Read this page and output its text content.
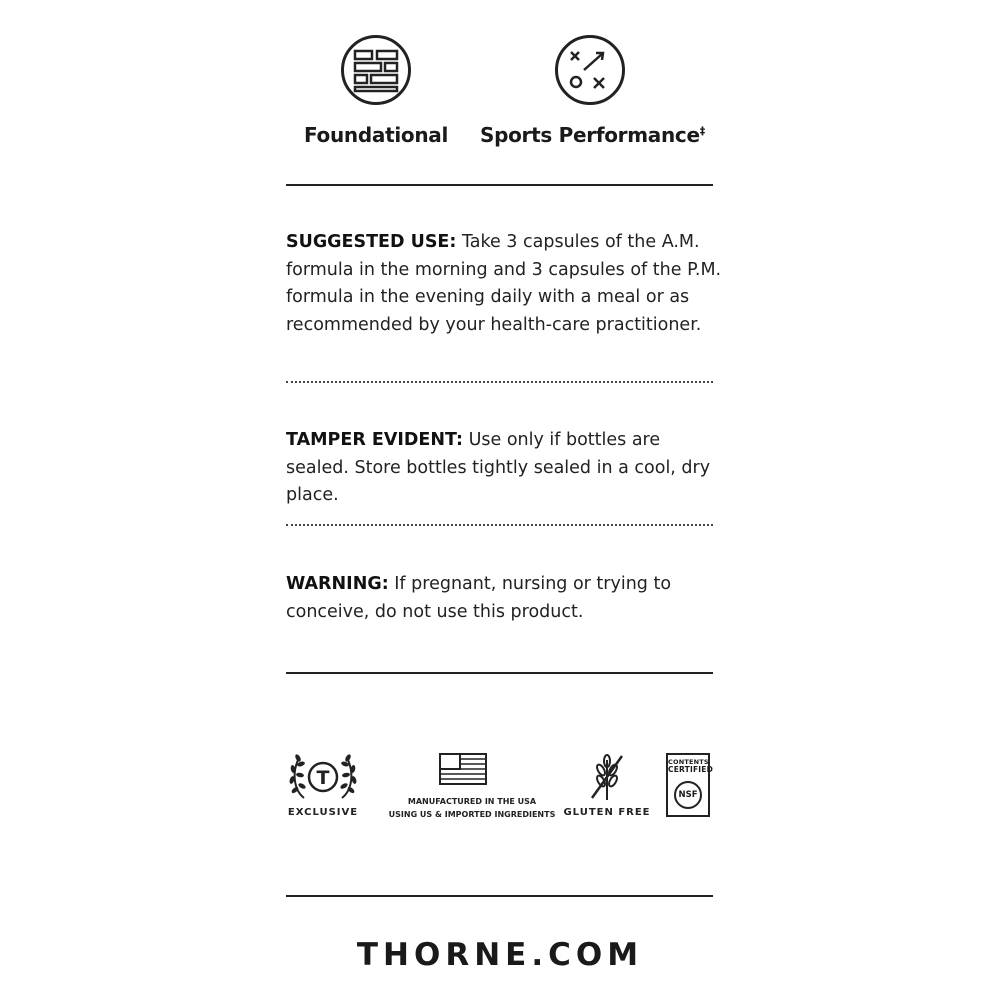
Foundational	Sports Performance‡
SUGGESTED USE: Take 3 capsules of the A.M. formula in the morning and 3 capsules of the P.M. formula in the evening daily with a meal or as recommended by your health-care practitioner.
TAMPER EVIDENT: Use only if bottles are sealed. Store bottles tightly sealed in a cool, dry place.
WARNING: If pregnant, nursing or trying to conceive, do not use this product.
T
EXCLUSIVE
MANUFACTURED IN THE USA
USING US & IMPORTED INGREDIENTS GLUTEN FREE
CONTENTS
CERTIFIED
NSF
THORNE.COM
